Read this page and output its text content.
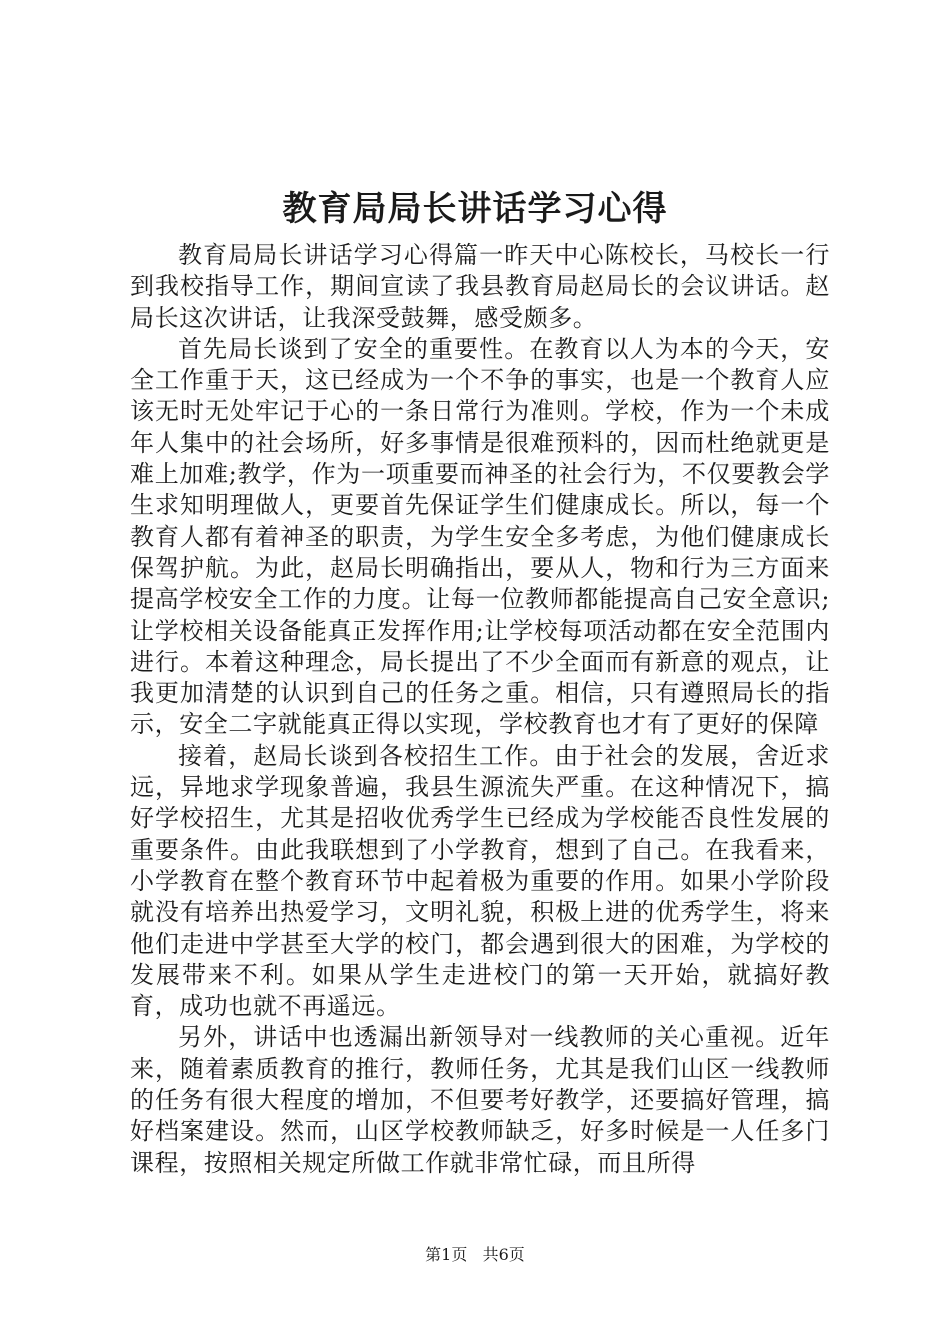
教育局局长讲话学习心得

教育局局长讲话学习心得篇一昨天中心陈校长，马校长一行到我校指导工作，期间宣读了我县教育局赵局长的会议讲话。赵局长这次讲话，让我深受鼓舞，感受颇多。

首先局长谈到了安全的重要性。在教育以人为本的今天，安全工作重于天，这已经成为一个不争的事实，也是一个教育人应该无时无处牢记于心的一条日常行为准则。学校，作为一个未成年人集中的社会场所，好多事情是很难预料的，因而杜绝就更是难上加难;教学，作为一项重要而神圣的社会行为，不仅要教会学生求知明理做人，更要首先保证学生们健康成长。所以，每一个教育人都有着神圣的职责，为学生安全多考虑，为他们健康成长保驾护航。为此，赵局长明确指出，要从人，物和行为三方面来提高学校安全工作的力度。让每一位教师都能提高自己安全意识;让学校相关设备能真正发挥作用;让学校每项活动都在安全范围内进行。本着这种理念，局长提出了不少全面而有新意的观点，让我更加清楚的认识到自己的任务之重。相信，只有遵照局长的指示，安全二字就能真正得以实现，学校教育也才有了更好的保障

接着，赵局长谈到各校招生工作。由于社会的发展，舍近求远，异地求学现象普遍，我县生源流失严重。在这种情况下，搞好学校招生，尤其是招收优秀学生已经成为学校能否良性发展的重要条件。由此我联想到了小学教育，想到了自己。在我看来，小学教育在整个教育环节中起着极为重要的作用。如果小学阶段就没有培养出热爱学习，文明礼貌，积极上进的优秀学生，将来他们走进中学甚至大学的校门，都会遇到很大的困难，为学校的发展带来不利。如果从学生走进校门的第一天开始，就搞好教育，成功也就不再遥远。

另外，讲话中也透漏出新领导对一线教师的关心重视。近年来，随着素质教育的推行，教师任务，尤其是我们山区一线教师的任务有很大程度的增加，不但要考好教学，还要搞好管理，搞好档案建设。然而，山区学校教师缺乏，好多时候是一人任多门课程，按照相关规定所做工作就非常忙碌，而且所得

第1页 共6页
